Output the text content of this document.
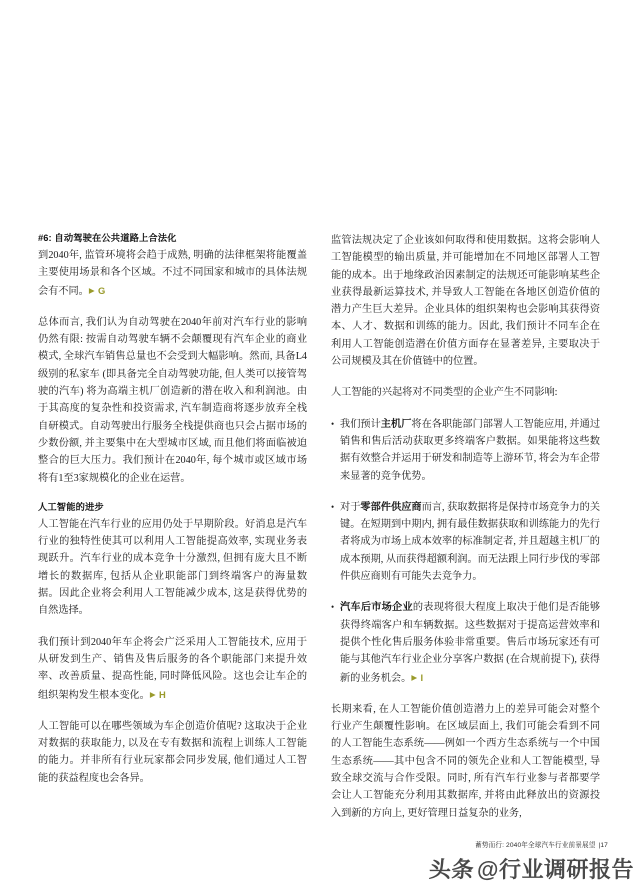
#6: 自动驾驶在公共道路上合法化

到2040年, 监管环境将会趋于成熟, 明确的法律框架将能覆盖主要使用场景和各个区域。不过不同国家和城市的具体法规会有不同。▶ G

总体而言, 我们认为自动驾驶在2040年前对汽车行业的影响仍然有限: 按需自动驾驶车辆不会颠覆现有汽车企业的商业模式, 全球汽车销售总量也不会受到大幅影响。然而, 具备L4级别的私家车 (即具备完全自动驾驶功能, 但人类可以接管驾驶的汽车) 将为高端主机厂创造新的潜在收入和利润池。由于其高度的复杂性和投资需求, 汽车制造商将逐步放弃全栈自研模式。自动驾驶出行服务全栈提供商也只会占据市场的少数份额, 并主要集中在大型城市区域, 而且他们将面临被迫整合的巨大压力。我们预计在2040年, 每个城市或区域市场将有1至3家规模化的企业在运营。

人工智能的进步

人工智能在汽车行业的应用仍处于早期阶段。好消息是汽车行业的独特性使其可以利用人工智能提高效率, 实现业务表现跃升。汽车行业的成本竞争十分激烈, 但拥有庞大且不断增长的数据库, 包括从企业职能部门到终端客户的海量数据。因此企业将会利用人工智能减少成本, 这是获得优势的自然选择。

我们预计到2040年车企将会广泛采用人工智能技术, 应用于从研发到生产、销售及售后服务的各个职能部门来提升效率、改善质量、提高性能, 同时降低风险。这也会让车企的组织架构发生根本变化。▶ H

人工智能可以在哪些领域为车企创造价值呢? 这取决于企业对数据的获取能力, 以及在专有数据和流程上训练人工智能的能力。并非所有行业玩家都会同步发展, 他们通过人工智能的获益程度也会各异。

监管法规决定了企业该如何取得和使用数据。这将会影响人工智能模型的输出质量, 并可能增加在不同地区部署人工智能的成本。出于地缘政治因素制定的法规还可能影响某些企业获得最新运算技术, 并导致人工智能在各地区创造价值的潜力产生巨大差异。企业具体的组织架构也会影响其获得资本、人才、数据和训练的能力。因此, 我们预计不同车企在利用人工智能创造潜在价值方面存在显著差异, 主要取决于公司规模及其在价值链中的位置。

人工智能的兴起将对不同类型的企业产生不同影响:

• 我们预计主机厂将在各职能部门部署人工智能应用, 并通过销售和售后活动获取更多终端客户数据。如果能将这些数据有效整合并运用于研发和制造等上游环节, 将会为车企带来显著的竞争优势。
• 对于零部件供应商而言, 获取数据将是保持市场竞争力的关键。在短期到中期内, 拥有最佳数据获取和训练能力的先行者将成为市场上成本效率的标准制定者, 并且超越主机厂的成本预期, 从而获得超额利润。而无法跟上同行步伐的零部件供应商则有可能失去竞争力。
• 汽车后市场企业的表现将很大程度上取决于他们是否能够获得终端客户和车辆数据。这些数据对于提高运营效率和提供个性化售后服务体验非常重要。售后市场玩家还有可能与其他汽车行业企业分享客户数据 (在合规前提下), 获得新的业务机会。▶ I

长期来看, 在人工智能价值创造潜力上的差异可能会对整个行业产生颠覆性影响。在区域层面上, 我们可能会看到不同的人工智能生态系统——例如一个西方生态系统与一个中国生态系统——其中包含不同的领先企业和人工智能模型, 导致全球交流与合作受限。同时, 所有汽车行业参与者都要学会让人工智能充分利用其数据库, 并将由此释放出的资源投入到新的方向上, 更好管理日益复杂的业务,

蓄势而行: 2040年全球汽车行业前景展望 |17
头条@行业调研报告
